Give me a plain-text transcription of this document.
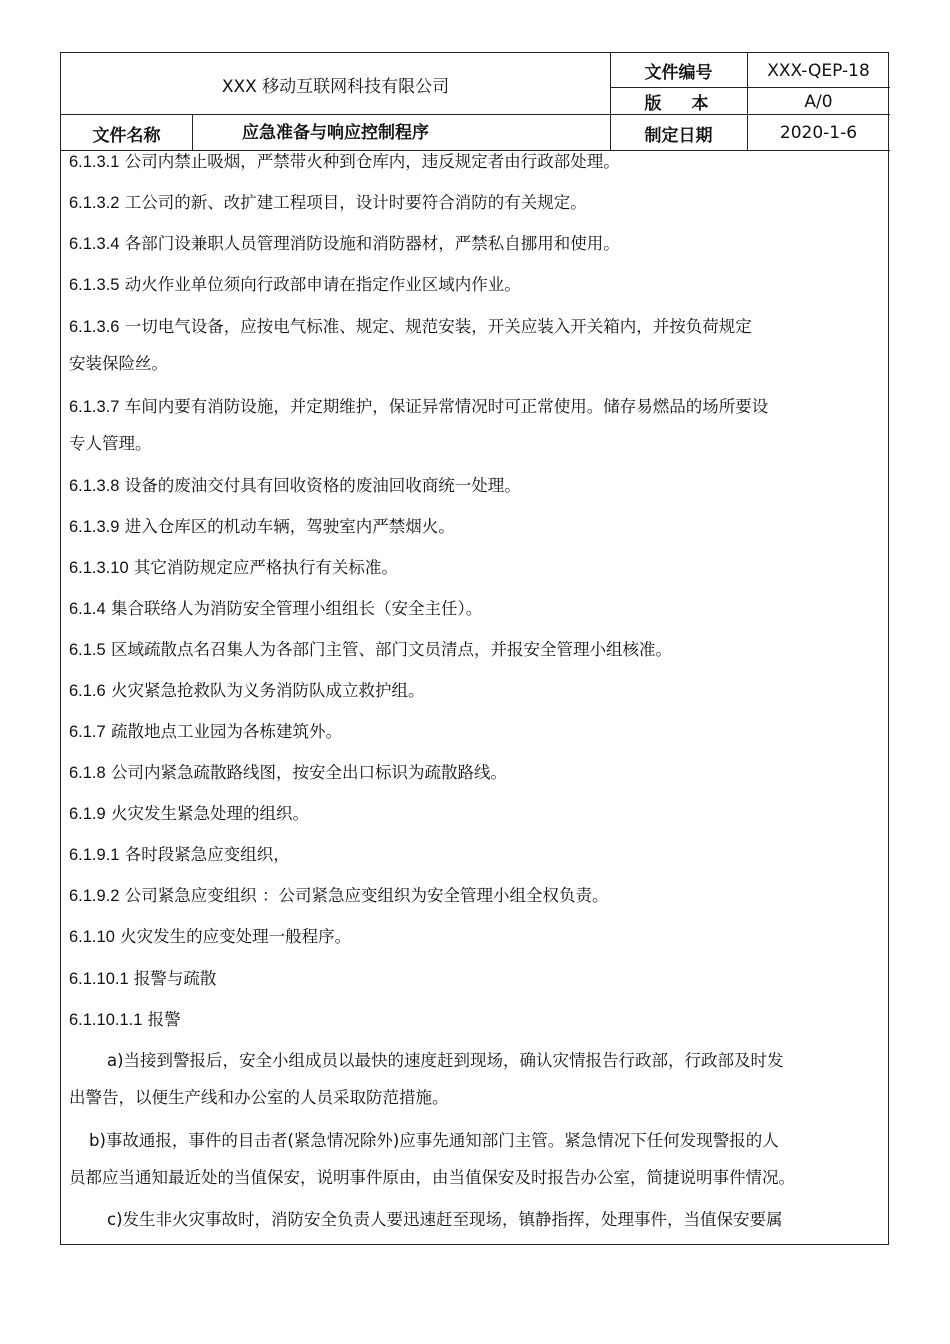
XXX 移动互联网科技有限公司
文件编号	XXX-QEP-18
版本	A/0
文件名称	应急准备与响应控制程序	制定日期	2020-1-6
6.1.3.1 公司内禁止吸烟，严禁带火种到仓库内，违反规定者由行政部处理。
6.1.3.2 工公司的新、改扩建工程项目，设计时要符合消防的有关规定。
6.1.3.4 各部门设兼职人员管理消防设施和消防器材，严禁私自挪用和使用。
6.1.3.5 动火作业单位须向行政部申请在指定作业区域内作业。
6.1.3.6 一切电气设备，应按电气标准、规定、规范安装，开关应装入开关箱内，并按负荷规定
安装保险丝。
6.1.3.7 车间内要有消防设施，并定期维护，保证异常情况时可正常使用。储存易燃品的场所要设
专人管理。
6.1.3.8 设备的废油交付具有回收资格的废油回收商统一处理。
6.1.3.9 进入仓库区的机动车辆，驾驶室内严禁烟火。
6.1.3.10 其它消防规定应严格执行有关标准。
6.1.4 集合联络人为消防安全管理小组组长（安全主任）。
6.1.5 区域疏散点名召集人为各部门主管、部门文员清点，并报安全管理小组核准。
6.1.6 火灾紧急抢救队为义务消防队成立救护组。
6.1.7 疏散地点工业园为各栋建筑外。
6.1.8 公司内紧急疏散路线图，按安全出口标识为疏散路线。
6.1.9 火灾发生紧急处理的组织。
6.1.9.1 各时段紧急应变组织，
6.1.9.2 公司紧急应变组织 ：公司紧急应变组织为安全管理小组全权负责。
6.1.10 火灾发生的应变处理一般程序。
6.1.10.1 报警与疏散
6.1.10.1.1 报警
a)当接到警报后，安全小组成员以最快的速度赶到现场，确认灾情报告行政部，行政部及时发
出警告，以便生产线和办公室的人员采取防范措施。
b)事故通报，事件的目击者(紧急情况除外)应事先通知部门主管。紧急情况下任何发现警报的人
员都应当通知最近处的当值保安，说明事件原由，由当值保安及时报告办公室，简捷说明事件情况。
c)发生非火灾事故时，消防安全负责人要迅速赶至现场，镇静指挥，处理事件，当值保安要属
